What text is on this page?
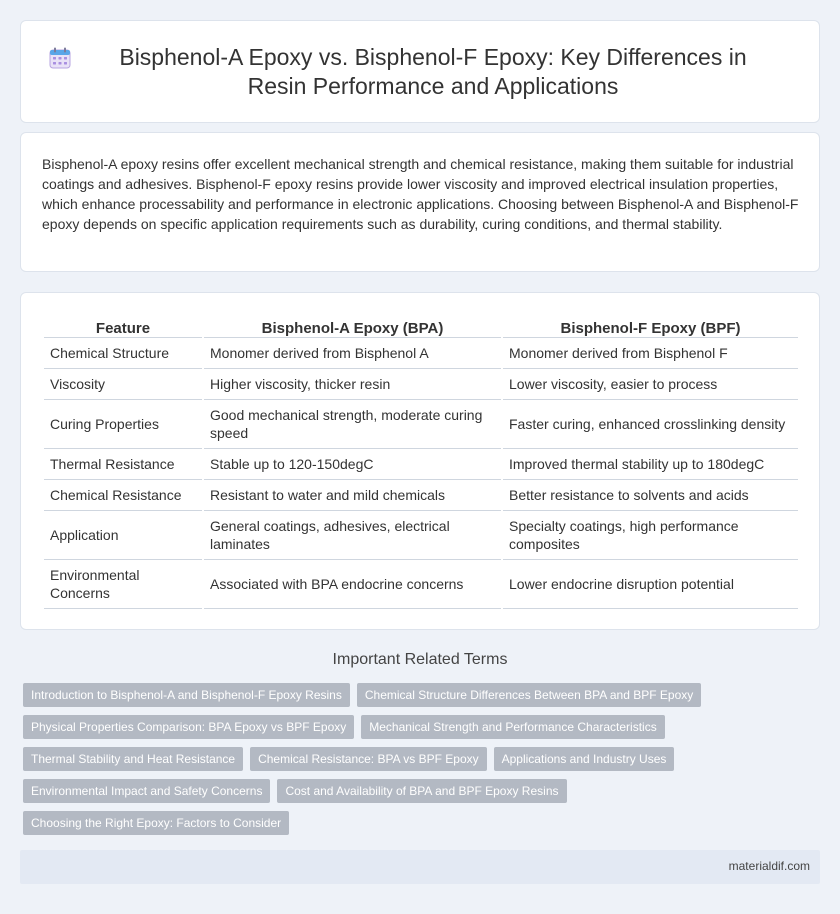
Bisphenol-A Epoxy vs. Bisphenol-F Epoxy: Key Differences in Resin Performance and Applications

Bisphenol-A epoxy resins offer excellent mechanical strength and chemical resistance, making them suitable for industrial coatings and adhesives. Bisphenol-F epoxy resins provide lower viscosity and improved electrical insulation properties, which enhance processability and performance in electronic applications. Choosing between Bisphenol-A and Bisphenol-F epoxy depends on specific application requirements such as durability, curing conditions, and thermal stability.

Feature	Bisphenol-A Epoxy (BPA)	Bisphenol-F Epoxy (BPF)
Chemical Structure	Monomer derived from Bisphenol A	Monomer derived from Bisphenol F
Viscosity	Higher viscosity, thicker resin	Lower viscosity, easier to process
Curing Properties	Good mechanical strength, moderate curing speed	Faster curing, enhanced crosslinking density
Thermal Resistance	Stable up to 120-150degC	Improved thermal stability up to 180degC
Chemical Resistance	Resistant to water and mild chemicals	Better resistance to solvents and acids
Application	General coatings, adhesives, electrical laminates	Specialty coatings, high performance composites
Environmental Concerns	Associated with BPA endocrine concerns	Lower endocrine disruption potential
Important Related Terms
Introduction to Bisphenol-A and Bisphenol-F Epoxy Resins	Chemical Structure Differences Between BPA and BPF Epoxy
Physical Properties Comparison: BPA Epoxy vs BPF Epoxy	Mechanical Strength and Performance Characteristics
Thermal Stability and Heat Resistance	Chemical Resistance: BPA vs BPF Epoxy	Applications and Industry Uses
Environmental Impact and Safety Concerns	Cost and Availability of BPA and BPF Epoxy Resins
Choosing the Right Epoxy: Factors to Consider
materialdif.com
